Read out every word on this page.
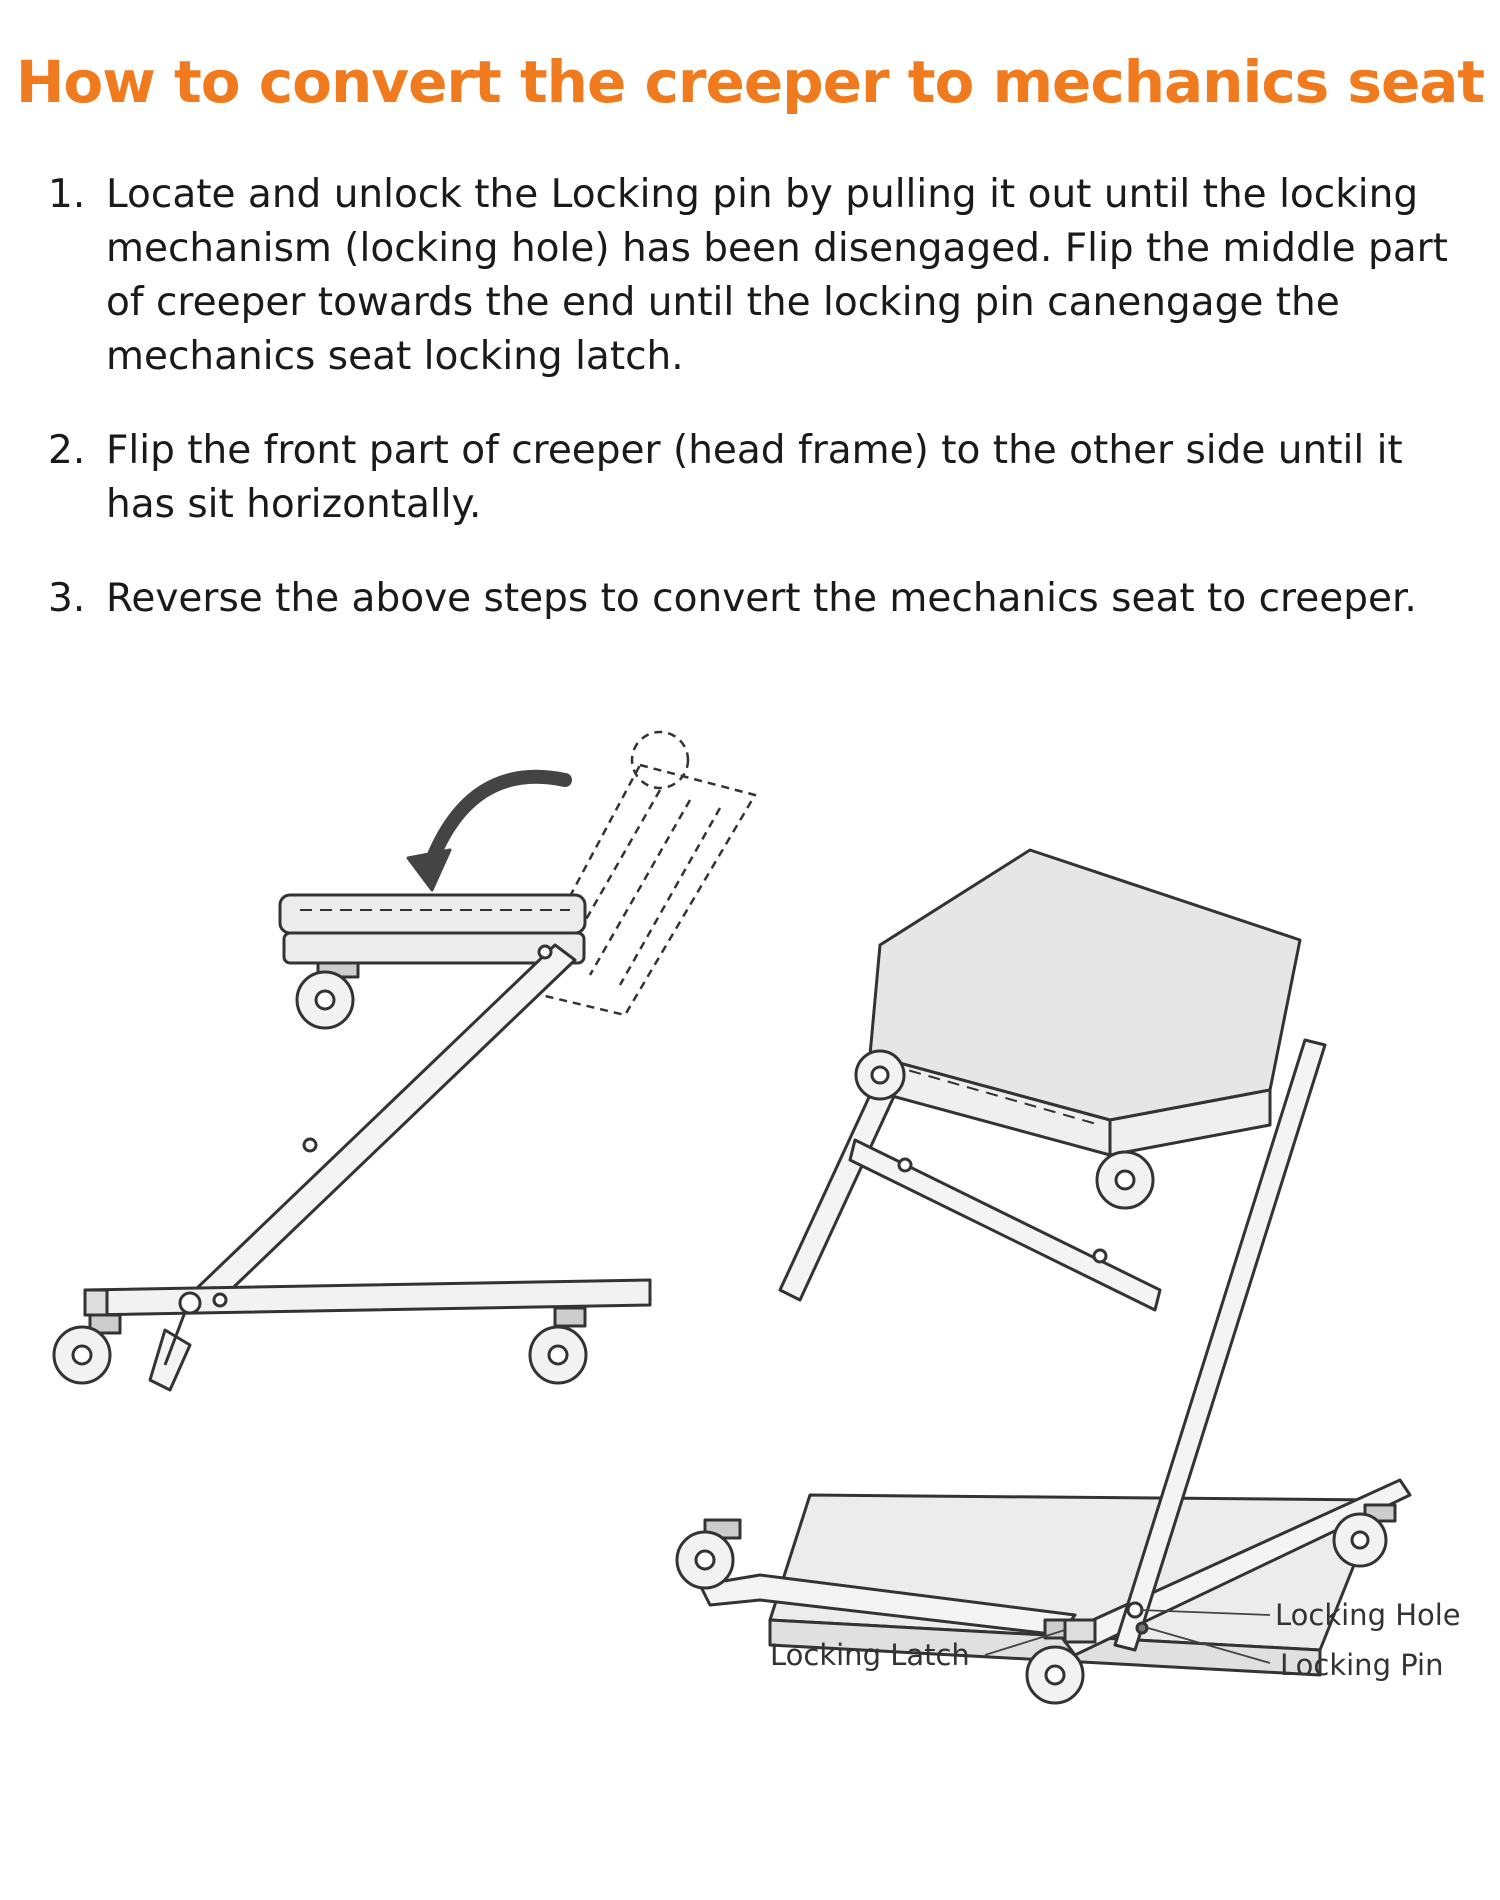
How to convert the creeper to mechanics seat
1. Locate and unlock the Locking pin by pulling it out until the locking mechanism (locking hole) has been disengaged. Flip the middle part of creeper towards the end until the locking pin canengage the mechanics seat locking latch.
2. Flip the front part of creeper (head frame) to the other side until it has sit horizontally.
3. Reverse the above steps to convert the mechanics seat to creeper.
Locking Latch
Locking Hole
Locking Pin
